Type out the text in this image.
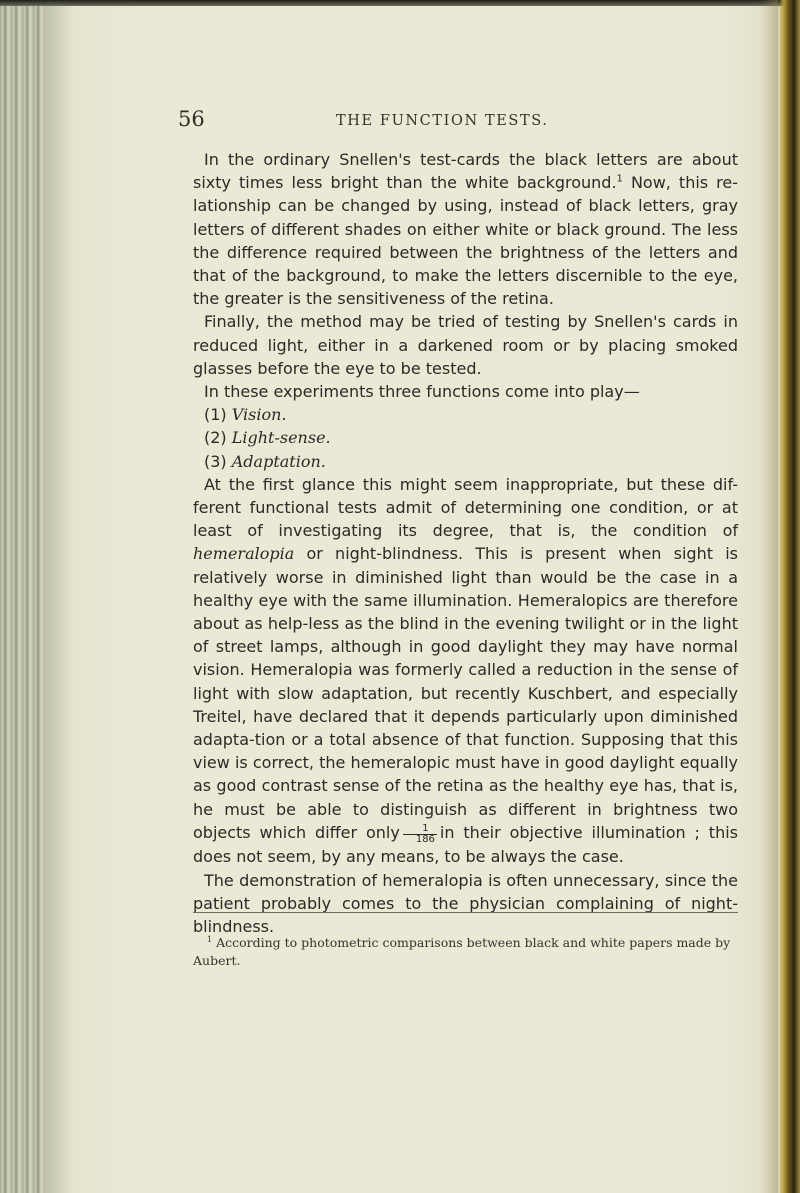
56	THE FUNCTION TESTS.

In the ordinary Snellen's test-cards the black letters are about sixty times less bright than the white background.$^1$ Now, this re-lationship can be changed by using, instead of black letters, gray letters of different shades on either white or black ground. The less the difference required between the brightness of the letters and that of the background, to make the letters discernible to the eye, the greater is the sensitiveness of the retina.

Finally, the method may be tried of testing by Snellen's cards in reduced light, either in a darkened room or by placing smoked glasses before the eye to be tested.

In these experiments three functions come into play—

(1) Vision.

(2) Light-sense.

(3) Adaptation.

At the first glance this might seem inappropriate, but these dif-ferent functional tests admit of determining one condition, or at least of investigating its degree, that is, the condition of hemeralopia or night-blindness. This is present when sight is relatively worse in diminished light than would be the case in a healthy eye with the same illumination. Hemeralopics are therefore about as help-less as the blind in the evening twilight or in the light of street lamps, although in good daylight they may have normal vision. Hemeralopia was formerly called a reduction in the sense of light with slow adaptation, but recently Kuschbert, and especially Treitel, have declared that it depends particularly upon diminished adapta-tion or a total absence of that function. Supposing that this view is correct, the hemeralopic must have in good daylight equally as good contrast sense of the retina as the healthy eye has, that is, he must be able to distinguish as different in brightness two objects which differ only $\frac{1}{186}$ in their objective illumination ; this does not seem, by any means, to be always the case.

The demonstration of hemeralopia is often unnecessary, since the patient probably comes to the physician complaining of night-blindness.

$^1$ According to photometric comparisons between black and white papers made by Aubert.
